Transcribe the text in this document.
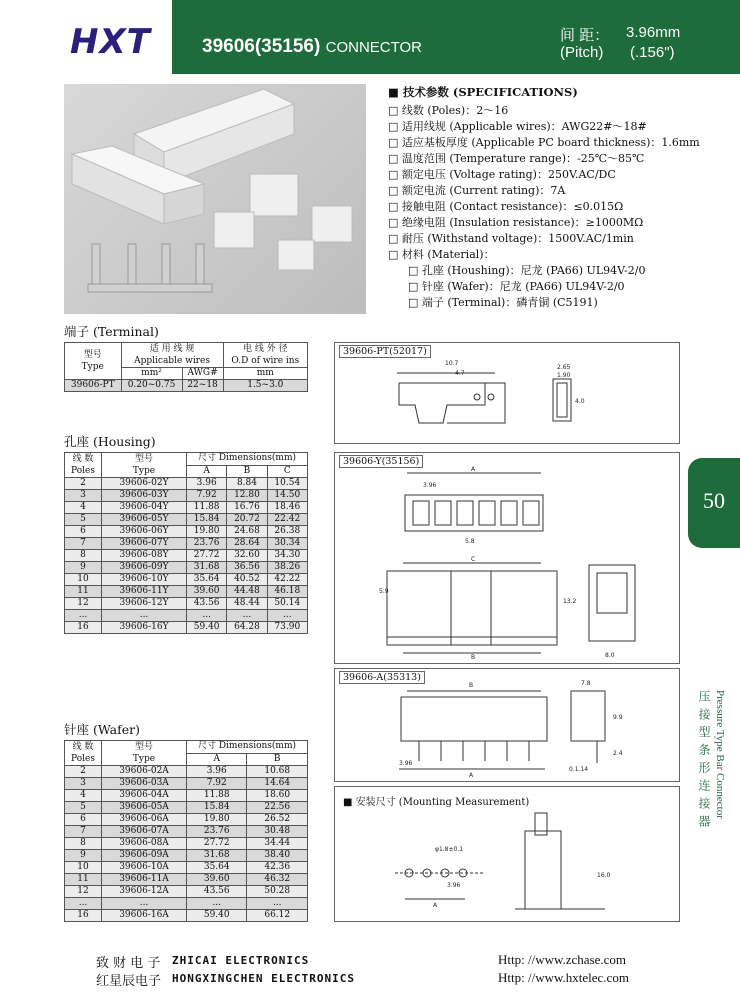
HXT	39606(35156) CONNECTOR
间 距： 3.96mm
(Pitch) (.156")
■ 技术参数 (SPECIFICATIONS)
□ 线数 (Poles)：2～16
□ 适用线规 (Applicable wires)：AWG22#～18#
□ 适应基板厚度 (Applicable PC board thickness)：1.6mm
□ 温度范围 (Temperature range)：-25℃～85℃
□ 额定电压 (Voltage rating)：250V.AC/DC
□ 额定电流 (Current rating)：7A
□ 接触电阻 (Contact resistance)：≤0.015Ω
□ 绝缘电阻 (Insulation resistance)：≥1000MΩ
□ 耐压 (Withstand voltage)：1500V.AC/1min
□ 材料 (Material)：
□ 孔座 (Houshing)：尼龙 (PA66) UL94V-2/0
□ 针座 (Wafer)：尼龙 (PA66) UL94V-2/0
□ 端子 (Terminal)：磷青铜 (C5191)
端子 (Terminal)
型号
Type	适 用 线 规
Applicable wires		电 线 外 径
O.D of wire ins
	mm²	AWG#	mm
39606-PT	0.20~0.75	22~18	1.5~3.0
孔座 (Housing)
线 数
Poles	型号
Type	尺寸 Dimensions(mm)		
		A	B	C
2	39606-02Y	3.96	8.84	10.54
3	39606-03Y	7.92	12.80	14.50
4	39606-04Y	11.88	16.76	18.46
5	39606-05Y	15.84	20.72	22.42
6	39606-06Y	19.80	24.68	26.38
7	39606-07Y	23.76	28.64	30.34
8	39606-08Y	27.72	32.60	34.30
9	39606-09Y	31.68	36.56	38.26
10	39606-10Y	35.64	40.52	42.22
11	39606-11Y	39.60	44.48	46.18
12	39606-12Y	43.56	48.44	50.14
...	...	...	...	...
16	39606-16Y	59.40	64.28	73.90
针座 (Wafer)
线 数
Poles	型号
Type	尺寸 Dimensions(mm)	
		A	B
2	39606-02A	3.96	10.68
3	39606-03A	7.92	14.64
4	39606-04A	11.88	18.60
5	39606-05A	15.84	22.56
6	39606-06A	19.80	26.52
7	39606-07A	23.76	30.48
8	39606-08A	27.72	34.44
9	39606-09A	31.68	38.40
10	39606-10A	35.64	42.36
11	39606-11A	39.60	46.32
12	39606-12A	43.56	50.28
...	...	...	...
16	39606-16A	59.40	66.12
10.7
4.7
2.65
1.90
4.0
39606-PT(52017)
A
3.96
5.8
C
5.9
B
13.2
8.0
39606-Y(35156)
B	7.8
9.9
2.4
3.96
A
0.1.14
39606-A(35313)
φ1.8±0.1
3.96
A
16.0
■ 安装尺寸 (Mounting Measurement)
50
压 接 型 条 形 连 接 器 Pressure Type Bar Connector
致 财 电 子 ZHICAI ELECTRONICS	Http: //www.zchase.com
红星辰电子 HONGXINGCHEN ELECTRONICS	Http: //www.hxtelec.com
